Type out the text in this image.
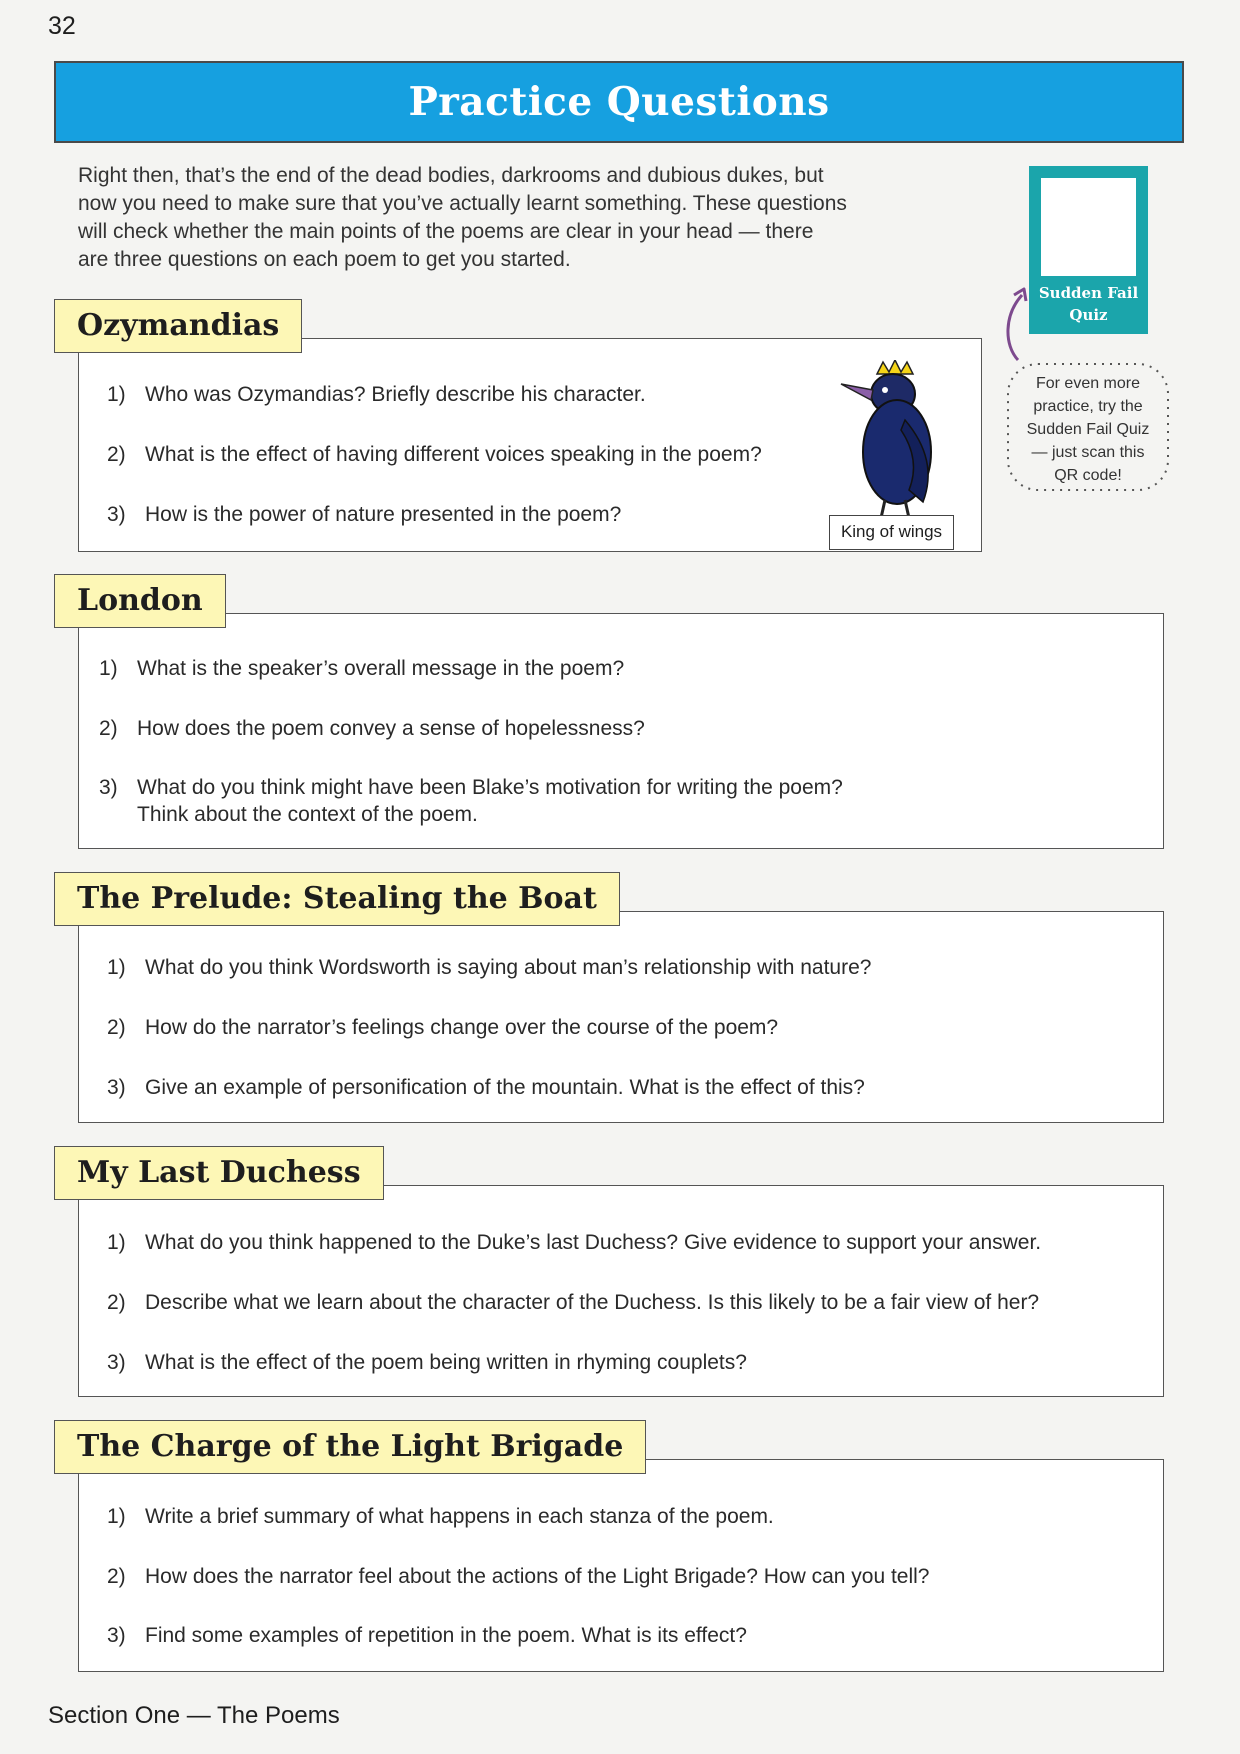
32
Practice Questions
Right then, that’s the end of the dead bodies, darkrooms and dubious dukes, but
now you need to make sure that you’ve actually learnt something. These questions
will check whether the main points of the poems are clear in your head — there
are three questions on each poem to get you started.
Sudden Fail
Quiz
For even more
practice, try the
Sudden Fail Quiz
— just scan this
QR code!
1) Who was Ozymandias? Briefly describe his character.
2) What is the effect of having different voices speaking in the poem?
3) How is the power of nature presented in the poem?
Ozymandias
King of wings
1) What is the speaker’s overall message in the poem?
2) How does the poem convey a sense of hopelessness?
3) What do you think might have been Blake’s motivation for writing the poem?
Think about the context of the poem.
London
1) What do you think Wordsworth is saying about man’s relationship with nature?
2) How do the narrator’s feelings change over the course of the poem?
3) Give an example of personification of the mountain. What is the effect of this?
The Prelude: Stealing the Boat
1) What do you think happened to the Duke’s last Duchess? Give evidence to support your answer.
2) Describe what we learn about the character of the Duchess. Is this likely to be a fair view of her?
3) What is the effect of the poem being written in rhyming couplets?
My Last Duchess
1) Write a brief summary of what happens in each stanza of the poem.
2) How does the narrator feel about the actions of the Light Brigade? How can you tell?
3) Find some examples of repetition in the poem. What is its effect?
The Charge of the Light Brigade
Section One — The Poems
